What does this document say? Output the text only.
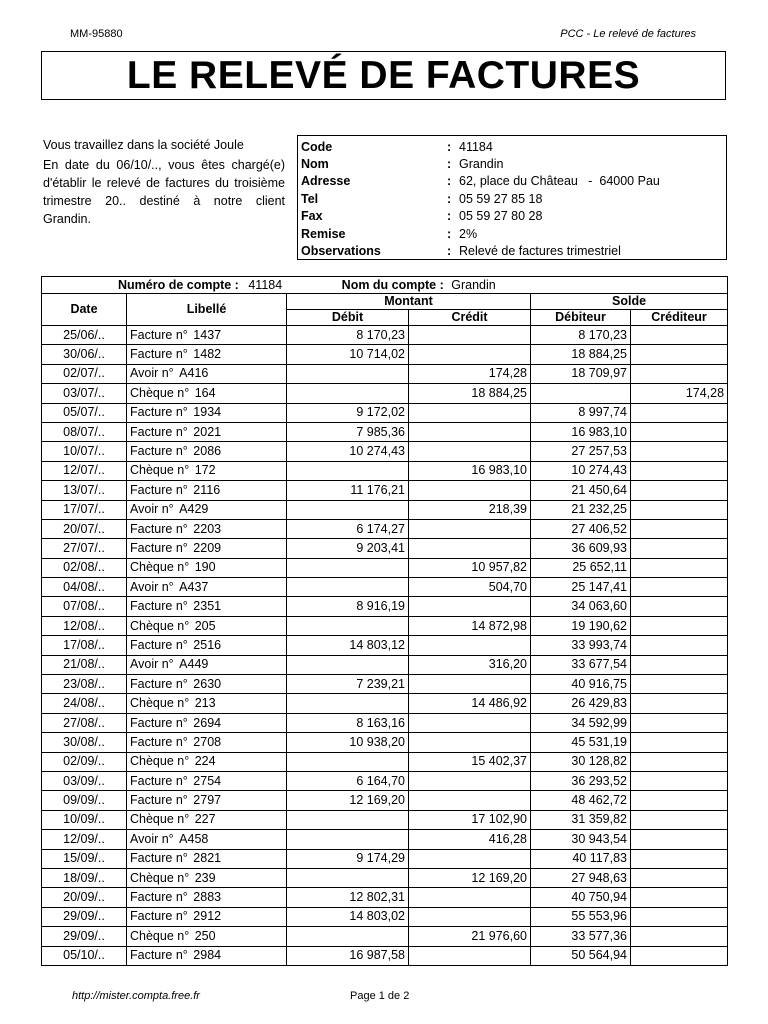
MM-95880	PCC - Le relevé de factures
LE RELEVÉ DE FACTURES

Vous travaillez dans la société Joule

En date du 06/10/.., vous êtes chargé(e) d'établir le relevé de factures du troisième trimestre 20.. destiné à notre client Grandin.

Code	: 41184
Nom	: Grandin
Adresse	: 62, place du Château   -  64000 Pau
Tel	: 05 59 27 85 18
Fax	: 05 59 27 80 28
Remise	: 2%
Observations	: Relevé de factures trimestriel
Numéro de compte : 41184 Nom du compte : Grandin					
Date	Libellé	Montant		Solde	
		Débit	Crédit	Débiteur	Créditeur
25/06/..	Facture n° 1437	8 170,23		8 170,23	
30/06/..	Facture n° 1482	10 714,02		18 884,25	
02/07/..	Avoir n° A416		174,28	18 709,97	
03/07/..	Chèque n° 164		18 884,25		174,28
05/07/..	Facture n° 1934	9 172,02		8 997,74	
08/07/..	Facture n° 2021	7 985,36		16 983,10	
10/07/..	Facture n° 2086	10 274,43		27 257,53	
12/07/..	Chèque n° 172		16 983,10	10 274,43	
13/07/..	Facture n° 2116	11 176,21		21 450,64	
17/07/..	Avoir n° A429		218,39	21 232,25	
20/07/..	Facture n° 2203	6 174,27		27 406,52	
27/07/..	Facture n° 2209	9 203,41		36 609,93	
02/08/..	Chèque n° 190		10 957,82	25 652,11	
04/08/..	Avoir n° A437		504,70	25 147,41	
07/08/..	Facture n° 2351	8 916,19		34 063,60	
12/08/..	Chèque n° 205		14 872,98	19 190,62	
17/08/..	Facture n° 2516	14 803,12		33 993,74	
21/08/..	Avoir n° A449		316,20	33 677,54	
23/08/..	Facture n° 2630	7 239,21		40 916,75	
24/08/..	Chèque n° 213		14 486,92	26 429,83	
27/08/..	Facture n° 2694	8 163,16		34 592,99	
30/08/..	Facture n° 2708	10 938,20		45 531,19	
02/09/..	Chèque n° 224		15 402,37	30 128,82	
03/09/..	Facture n° 2754	6 164,70		36 293,52	
09/09/..	Facture n° 2797	12 169,20		48 462,72	
10/09/..	Chèque n° 227		17 102,90	31 359,82	
12/09/..	Avoir n° A458		416,28	30 943,54	
15/09/..	Facture n° 2821	9 174,29		40 117,83	
18/09/..	Chèque n° 239		12 169,20	27 948,63	
20/09/..	Facture n° 2883	12 802,31		40 750,94	
29/09/..	Facture n° 2912	14 803,02		55 553,96	
29/09/..	Chèque n° 250		21 976,60	33 577,36	
05/10/..	Facture n° 2984	16 987,58		50 564,94	
http://mister.compta.free.fr	Page 1 de 2
